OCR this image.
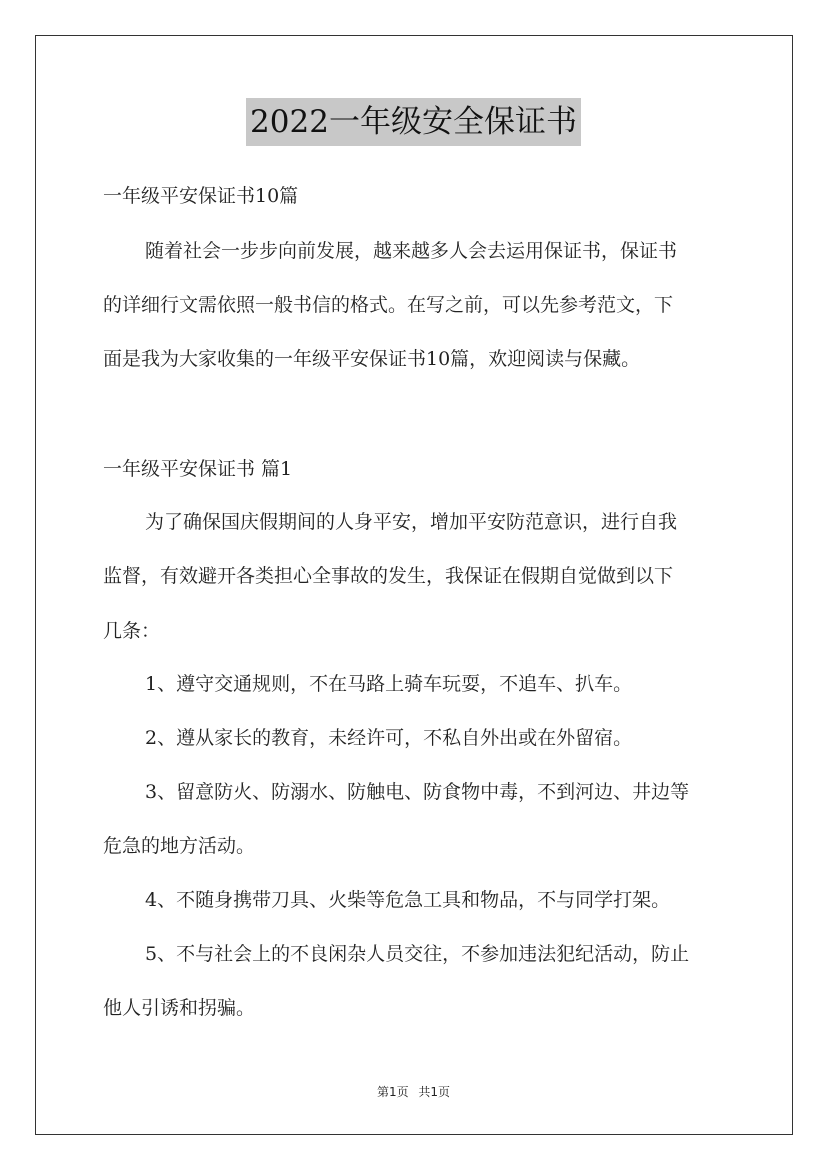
2022一年级安全保证书
一年级平安保证书10篇
随着社会一步步向前发展，越来越多人会去运用保证书，保证书
的详细行文需依照一般书信的格式。在写之前，可以先参考范文，下
面是我为大家收集的一年级平安保证书10篇，欢迎阅读与保藏。
一年级平安保证书 篇1
为了确保国庆假期间的人身平安，增加平安防范意识，进行自我
监督，有效避开各类担心全事故的发生，我保证在假期自觉做到以下
几条：
1、遵守交通规则，不在马路上骑车玩耍，不追车、扒车。
2、遵从家长的教育，未经许可，不私自外出或在外留宿。
3、留意防火、防溺水、防触电、防食物中毒，不到河边、井边等
危急的地方活动。
4、不随身携带刀具、火柴等危急工具和物品，不与同学打架。
5、不与社会上的不良闲杂人员交往，不参加违法犯纪活动，防止
他人引诱和拐骗。
第1页 共1页
